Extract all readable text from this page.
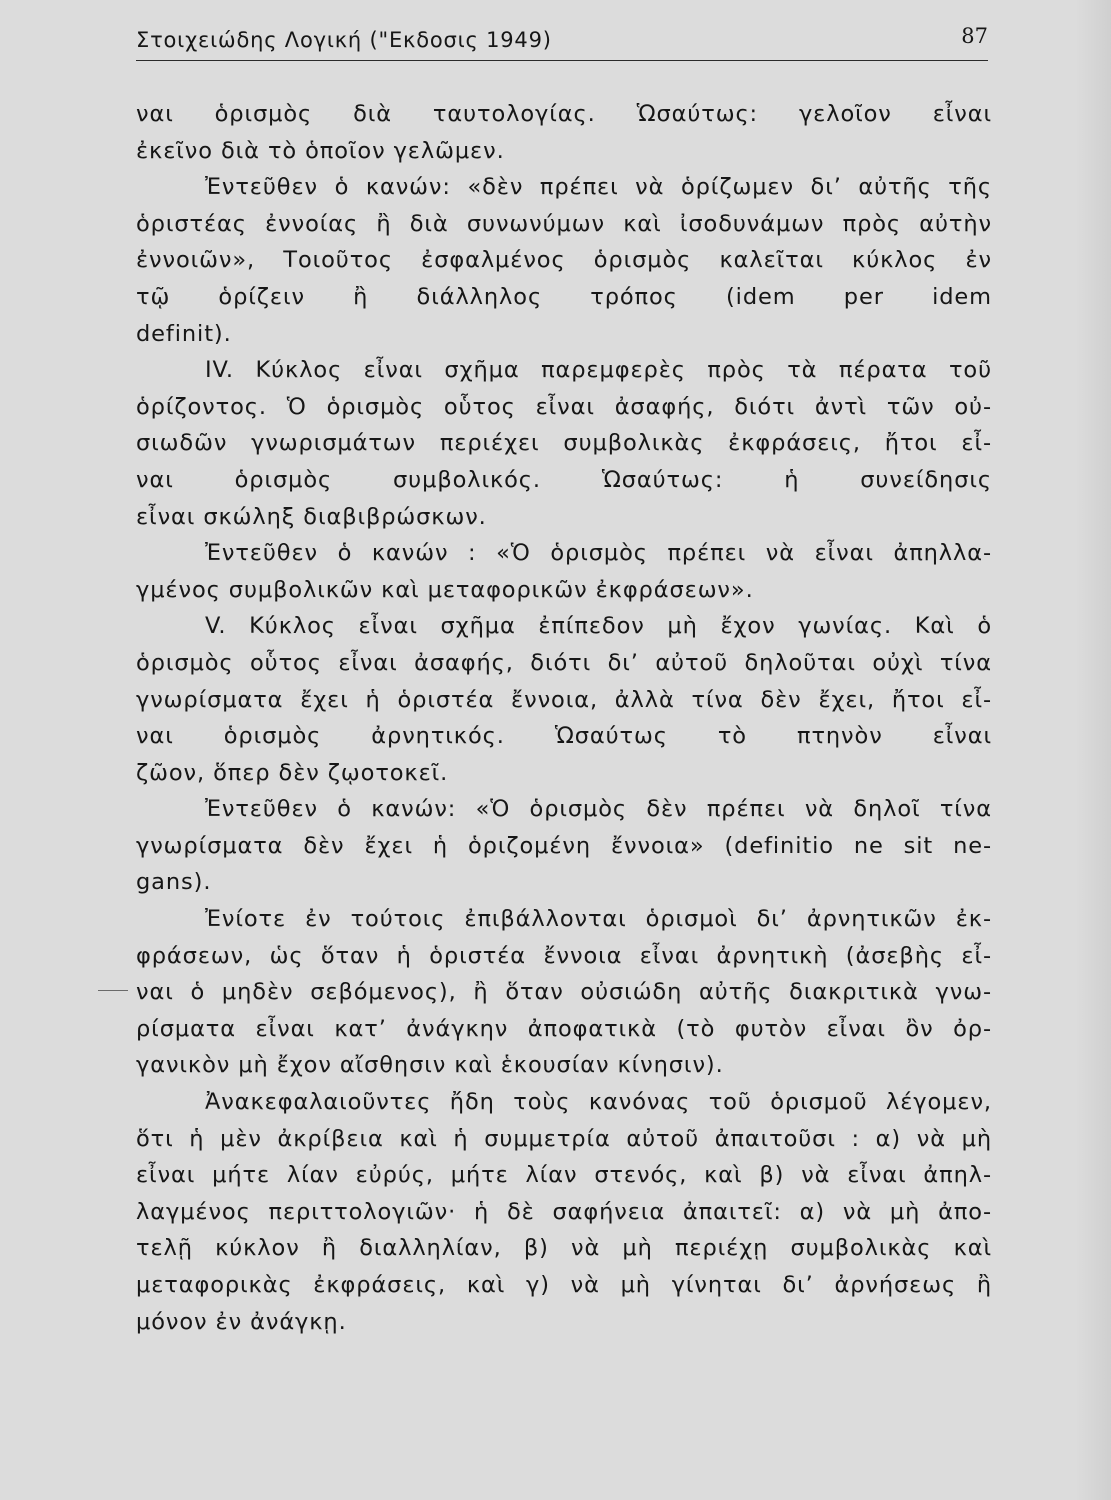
Στοιχειώδης Λογική ("Εκδοσις 1949)	87
ναι ὁρισμὸς διὰ ταυτολογίας. Ὡσαύτως: γελοῖον εἶναι
ἐκεῖνο διὰ τὸ ὁποῖον γελῶμεν.
Ἐντεῦθεν ὁ κανών: «δὲν πρέπει νὰ ὁρίζωμεν δι’ αὐτῆς τῆς
ὁριστέας ἐννοίας ἢ διὰ συνωνύμων καὶ ἰσοδυνάμων πρὸς αὐτὴν
ἐννοιῶν», Τοιοῦτος ἐσφαλμένος ὁρισμὸς καλεῖται κύκλος ἐν
τῷ ὁρίζειν ἢ διάλληλος τρόπος (idem per idem
definit).
IV. Κύκλος εἶναι σχῆμα παρεμφερὲς πρὸς τὰ πέρατα τοῦ
ὁρίζοντος. Ὁ ὁρισμὸς οὗτος εἶναι ἀσαφής, διότι ἀντὶ τῶν οὐ-
σιωδῶν γνωρισμάτων περιέχει συμβολικὰς ἐκφράσεις, ἤτοι εἶ-
ναι ὁρισμὸς συμβολικός. Ὡσαύτως: ἡ συνείδησις
εἶναι σκώληξ διαβιβρώσκων.
Ἐντεῦθεν ὁ κανών : «Ὁ ὁρισμὸς πρέπει νὰ εἶναι ἀπηλλα-
γμένος συμβολικῶν καὶ μεταφορικῶν ἐκφράσεων».
V. Κύκλος εἶναι σχῆμα ἐπίπεδον μὴ ἔχον γωνίας. Καὶ ὁ
ὁρισμὸς οὗτος εἶναι ἀσαφής, διότι δι’ αὐτοῦ δηλοῦται οὐχὶ τίνα
γνωρίσματα ἔχει ἡ ὁριστέα ἔννοια, ἀλλὰ τίνα δὲν ἔχει, ἤτοι εἶ-
ναι ὁρισμὸς ἀρνητικός. Ὡσαύτως τὸ πτηνὸν εἶναι
ζῶον, ὅπερ δὲν ζῳοτοκεῖ.
Ἐντεῦθεν ὁ κανών: «Ὁ ὁρισμὸς δὲν πρέπει νὰ δηλοῖ τίνα
γνωρίσματα δὲν ἔχει ἡ ὁριζομένη ἔννοια» (definitio ne sit ne-
gans).
Ἐνίοτε ἐν τούτοις ἐπιβάλλονται ὁρισμοὶ δι’ ἀρνητικῶν ἐκ-
φράσεων, ὡς ὅταν ἡ ὁριστέα ἔννοια εἶναι ἀρνητικὴ (ἀσεβὴς εἶ-
ναι ὁ μηδὲν σεβόμενος), ἢ ὅταν οὐσιώδη αὐτῆς διακριτικὰ γνω-
ρίσματα εἶναι κατ’ ἀνάγκην ἀποφατικὰ (τὸ φυτὸν εἶναι ὂν ὀρ-
γανικὸν μὴ ἔχον αἴσθησιν καὶ ἑκουσίαν κίνησιν).
Ἀνακεφαλαιοῦντες ἤδη τοὺς κανόνας τοῦ ὁρισμοῦ λέγομεν,
ὅτι ἡ μὲν ἀκρίβεια καὶ ἡ συμμετρία αὐτοῦ ἀπαιτοῦσι : α) νὰ μὴ
εἶναι μήτε λίαν εὐρύς, μήτε λίαν στενός, καὶ β) νὰ εἶναι ἀπηλ-
λαγμένος περιττολογιῶν· ἡ δὲ σαφήνεια ἀπαιτεῖ: α) νὰ μὴ ἀπο-
τελῇ κύκλον ἢ διαλληλίαν, β) νὰ μὴ περιέχῃ συμβολικὰς καὶ
μεταφορικὰς ἐκφράσεις, καὶ γ) νὰ μὴ γίνηται δι’ ἀρνήσεως ἢ
μόνον ἐν ἀνάγκῃ.
